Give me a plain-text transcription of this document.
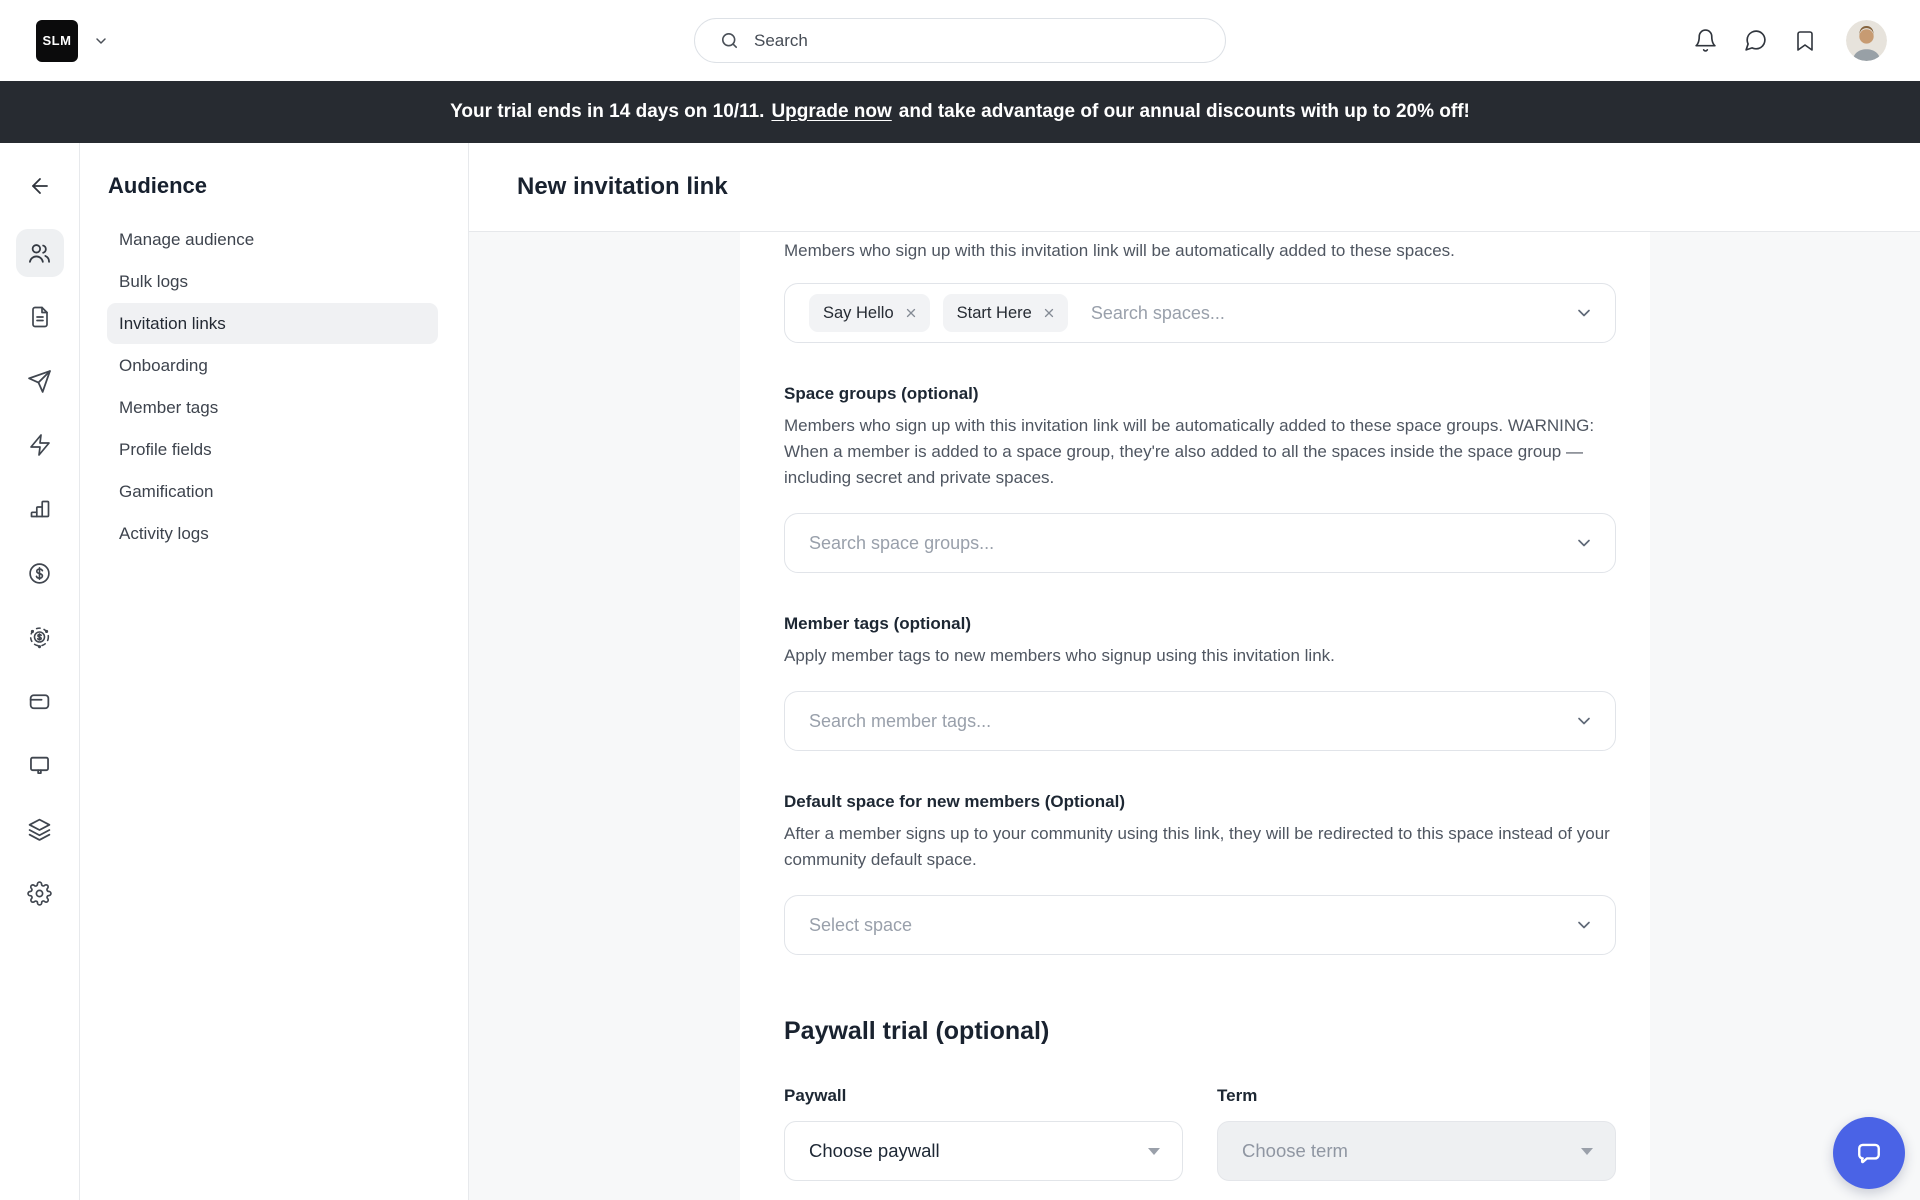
SLM
Search
Your trial ends in 14 days on 10/11. Upgrade now and take advantage of our annual discounts with up to 20% off!
Audience
Manage audience
Bulk logs
Invitation links
Onboarding
Member tags
Profile fields
Gamification
Activity logs
New invitation link

Members who sign up with this invitation link will be automatically added to these spaces.

Say Hello	Start Here	Search spaces...
Space groups (optional)

Members who sign up with this invitation link will be automatically added to these space groups. WARNING: When a member is added to a space group, they're also added to all the spaces inside the space group — including secret and private spaces.

Search space groups...
Member tags (optional)

Apply member tags to new members who signup using this invitation link.

Search member tags...
Default space for new members (Optional)

After a member signs up to your community using this link, they will be redirected to this space instead of your community default space.

Select space
Paywall trial (optional)

Paywall

Choose paywall

Term

Choose term
